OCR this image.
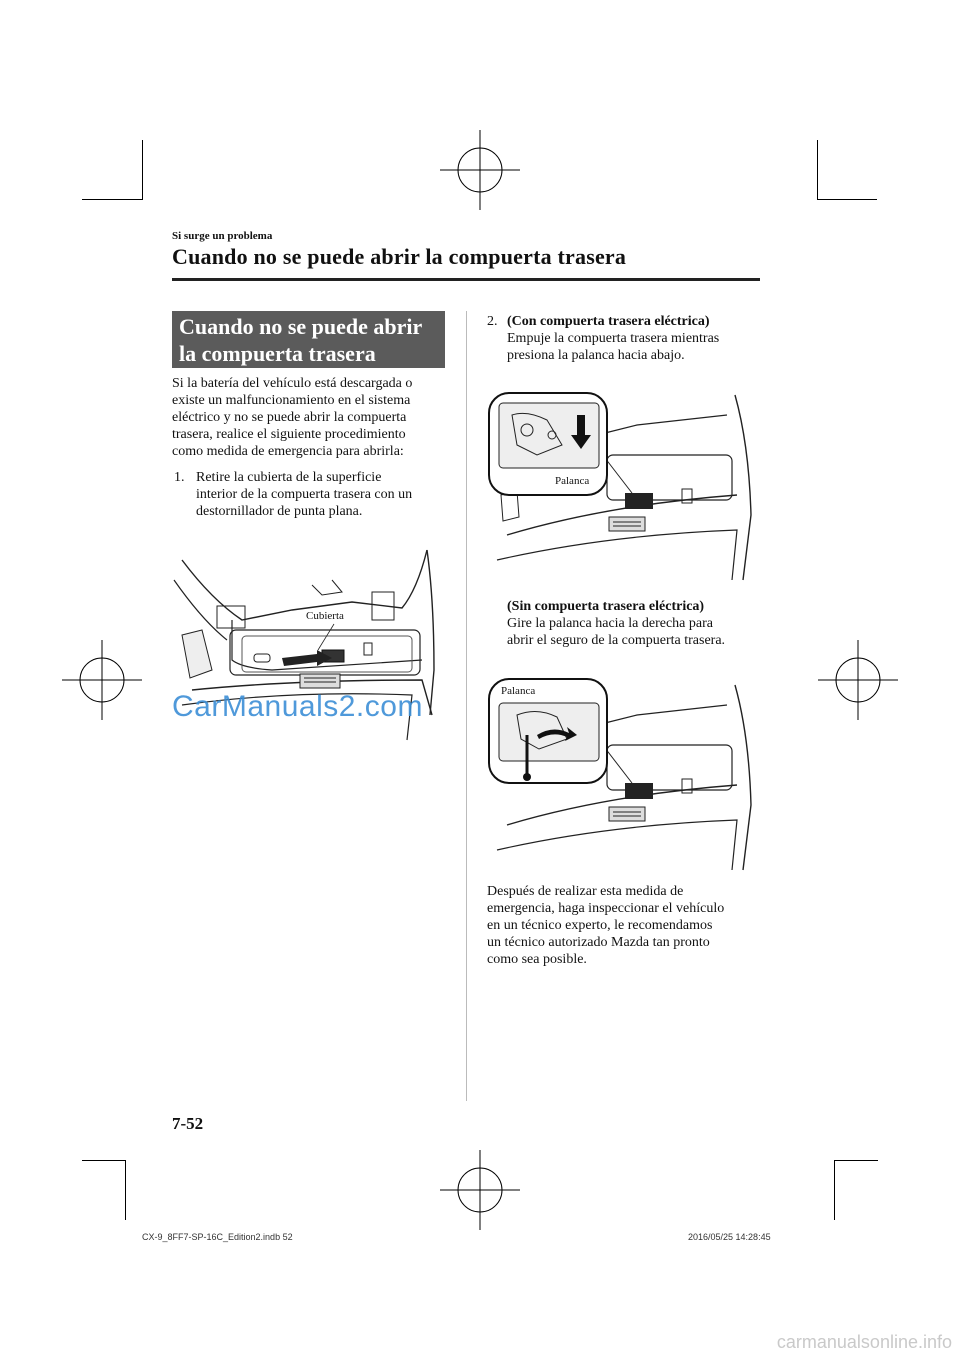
Si surge un problema
Cuando no se puede abrir la compuerta trasera
Cuando no se puede abrir
la compuerta trasera
Si la batería del vehículo está descargada o
existe un malfuncionamiento en el sistema
eléctrico y no se puede abrir la compuerta
trasera, realice el siguiente procedimiento
como medida de emergencia para abrirla:
1. Retire la cubierta de la superficie
interior de la compuerta trasera con un
destornillador de punta plana.
Cubierta
CarManuals2.com
2. (Con compuerta trasera eléctrica)
Empuje la compuerta trasera mientras
presiona la palanca hacia abajo.
Palanca
(Sin compuerta trasera eléctrica)
Gire la palanca hacia la derecha para
abrir el seguro de la compuerta trasera.
Palanca
Después de realizar esta medida de
emergencia, haga inspeccionar el vehículo
en un técnico experto, le recomendamos
un técnico autorizado Mazda tan pronto
como sea posible.
7-52
CX-9_8FF7-SP-16C_Edition2.indb 52	2016/05/25 14:28:45
carmanualsonline.info
